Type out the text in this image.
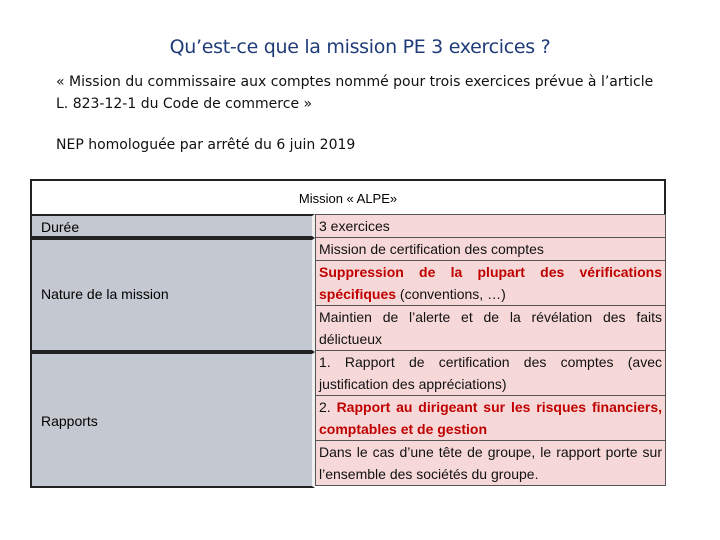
Qu’est-ce que la mission PE 3 exercices ?
« Mission du commissaire aux comptes nommé pour trois exercices prévue à l’article L. 823-12-1 du Code de commerce »
NEP homologuée par arrêté du 6 juin 2019
Mission « ALPE»
Durée
Nature de la mission
Rapports
3 exercices
Mission de certification des comptes
Suppression de la plupart des vérifications spécifiques (conventions, …)
Maintien de l’alerte et de la révélation des faits délictueux
1. Rapport de certification des comptes (avec justification des appréciations)
2. Rapport au dirigeant sur les risques financiers, comptables et de gestion
Dans le cas d’une tête de groupe, le rapport porte sur l’ensemble des sociétés du groupe.
